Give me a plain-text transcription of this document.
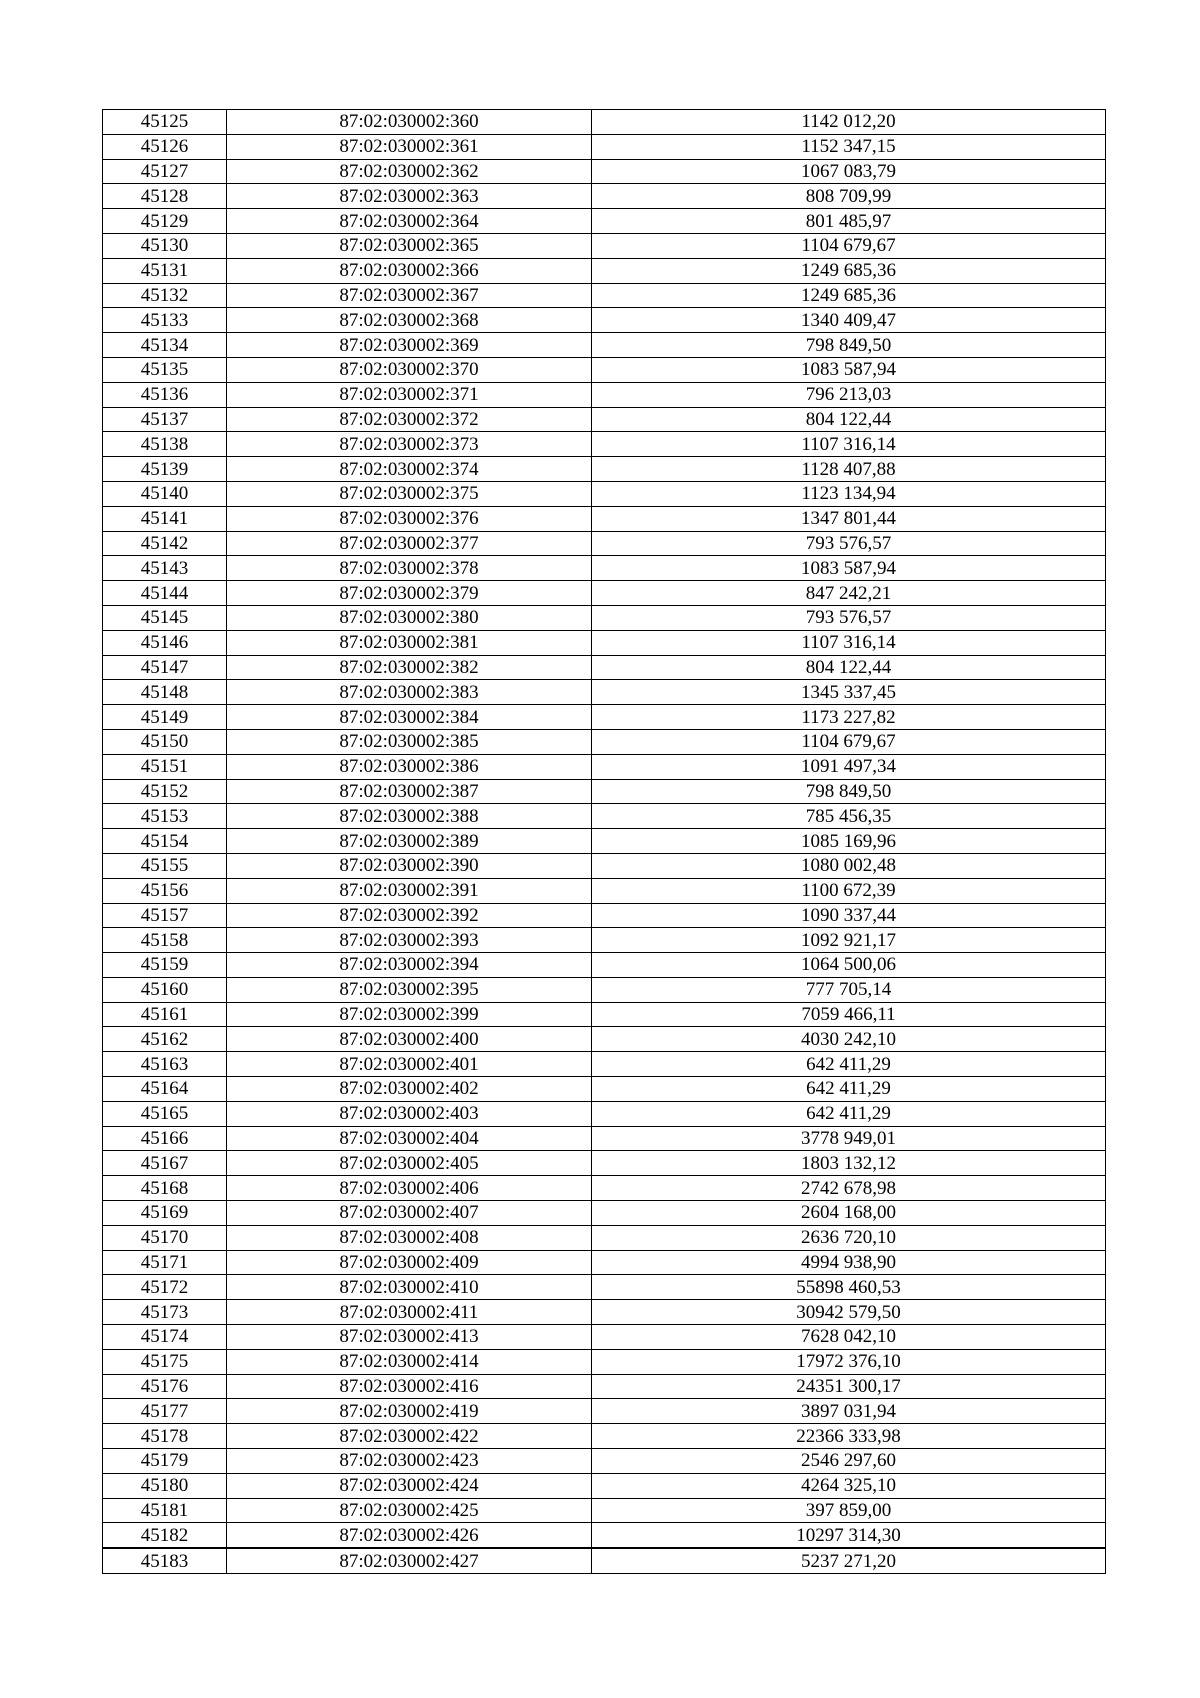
45125	87:02:030002:360	1142 012,20
45126	87:02:030002:361	1152 347,15
45127	87:02:030002:362	1067 083,79
45128	87:02:030002:363	808 709,99
45129	87:02:030002:364	801 485,97
45130	87:02:030002:365	1104 679,67
45131	87:02:030002:366	1249 685,36
45132	87:02:030002:367	1249 685,36
45133	87:02:030002:368	1340 409,47
45134	87:02:030002:369	798 849,50
45135	87:02:030002:370	1083 587,94
45136	87:02:030002:371	796 213,03
45137	87:02:030002:372	804 122,44
45138	87:02:030002:373	1107 316,14
45139	87:02:030002:374	1128 407,88
45140	87:02:030002:375	1123 134,94
45141	87:02:030002:376	1347 801,44
45142	87:02:030002:377	793 576,57
45143	87:02:030002:378	1083 587,94
45144	87:02:030002:379	847 242,21
45145	87:02:030002:380	793 576,57
45146	87:02:030002:381	1107 316,14
45147	87:02:030002:382	804 122,44
45148	87:02:030002:383	1345 337,45
45149	87:02:030002:384	1173 227,82
45150	87:02:030002:385	1104 679,67
45151	87:02:030002:386	1091 497,34
45152	87:02:030002:387	798 849,50
45153	87:02:030002:388	785 456,35
45154	87:02:030002:389	1085 169,96
45155	87:02:030002:390	1080 002,48
45156	87:02:030002:391	1100 672,39
45157	87:02:030002:392	1090 337,44
45158	87:02:030002:393	1092 921,17
45159	87:02:030002:394	1064 500,06
45160	87:02:030002:395	777 705,14
45161	87:02:030002:399	7059 466,11
45162	87:02:030002:400	4030 242,10
45163	87:02:030002:401	642 411,29
45164	87:02:030002:402	642 411,29
45165	87:02:030002:403	642 411,29
45166	87:02:030002:404	3778 949,01
45167	87:02:030002:405	1803 132,12
45168	87:02:030002:406	2742 678,98
45169	87:02:030002:407	2604 168,00
45170	87:02:030002:408	2636 720,10
45171	87:02:030002:409	4994 938,90
45172	87:02:030002:410	55898 460,53
45173	87:02:030002:411	30942 579,50
45174	87:02:030002:413	7628 042,10
45175	87:02:030002:414	17972 376,10
45176	87:02:030002:416	24351 300,17
45177	87:02:030002:419	3897 031,94
45178	87:02:030002:422	22366 333,98
45179	87:02:030002:423	2546 297,60
45180	87:02:030002:424	4264 325,10
45181	87:02:030002:425	397 859,00
45182	87:02:030002:426	10297 314,30
45183	87:02:030002:427	5237 271,20
